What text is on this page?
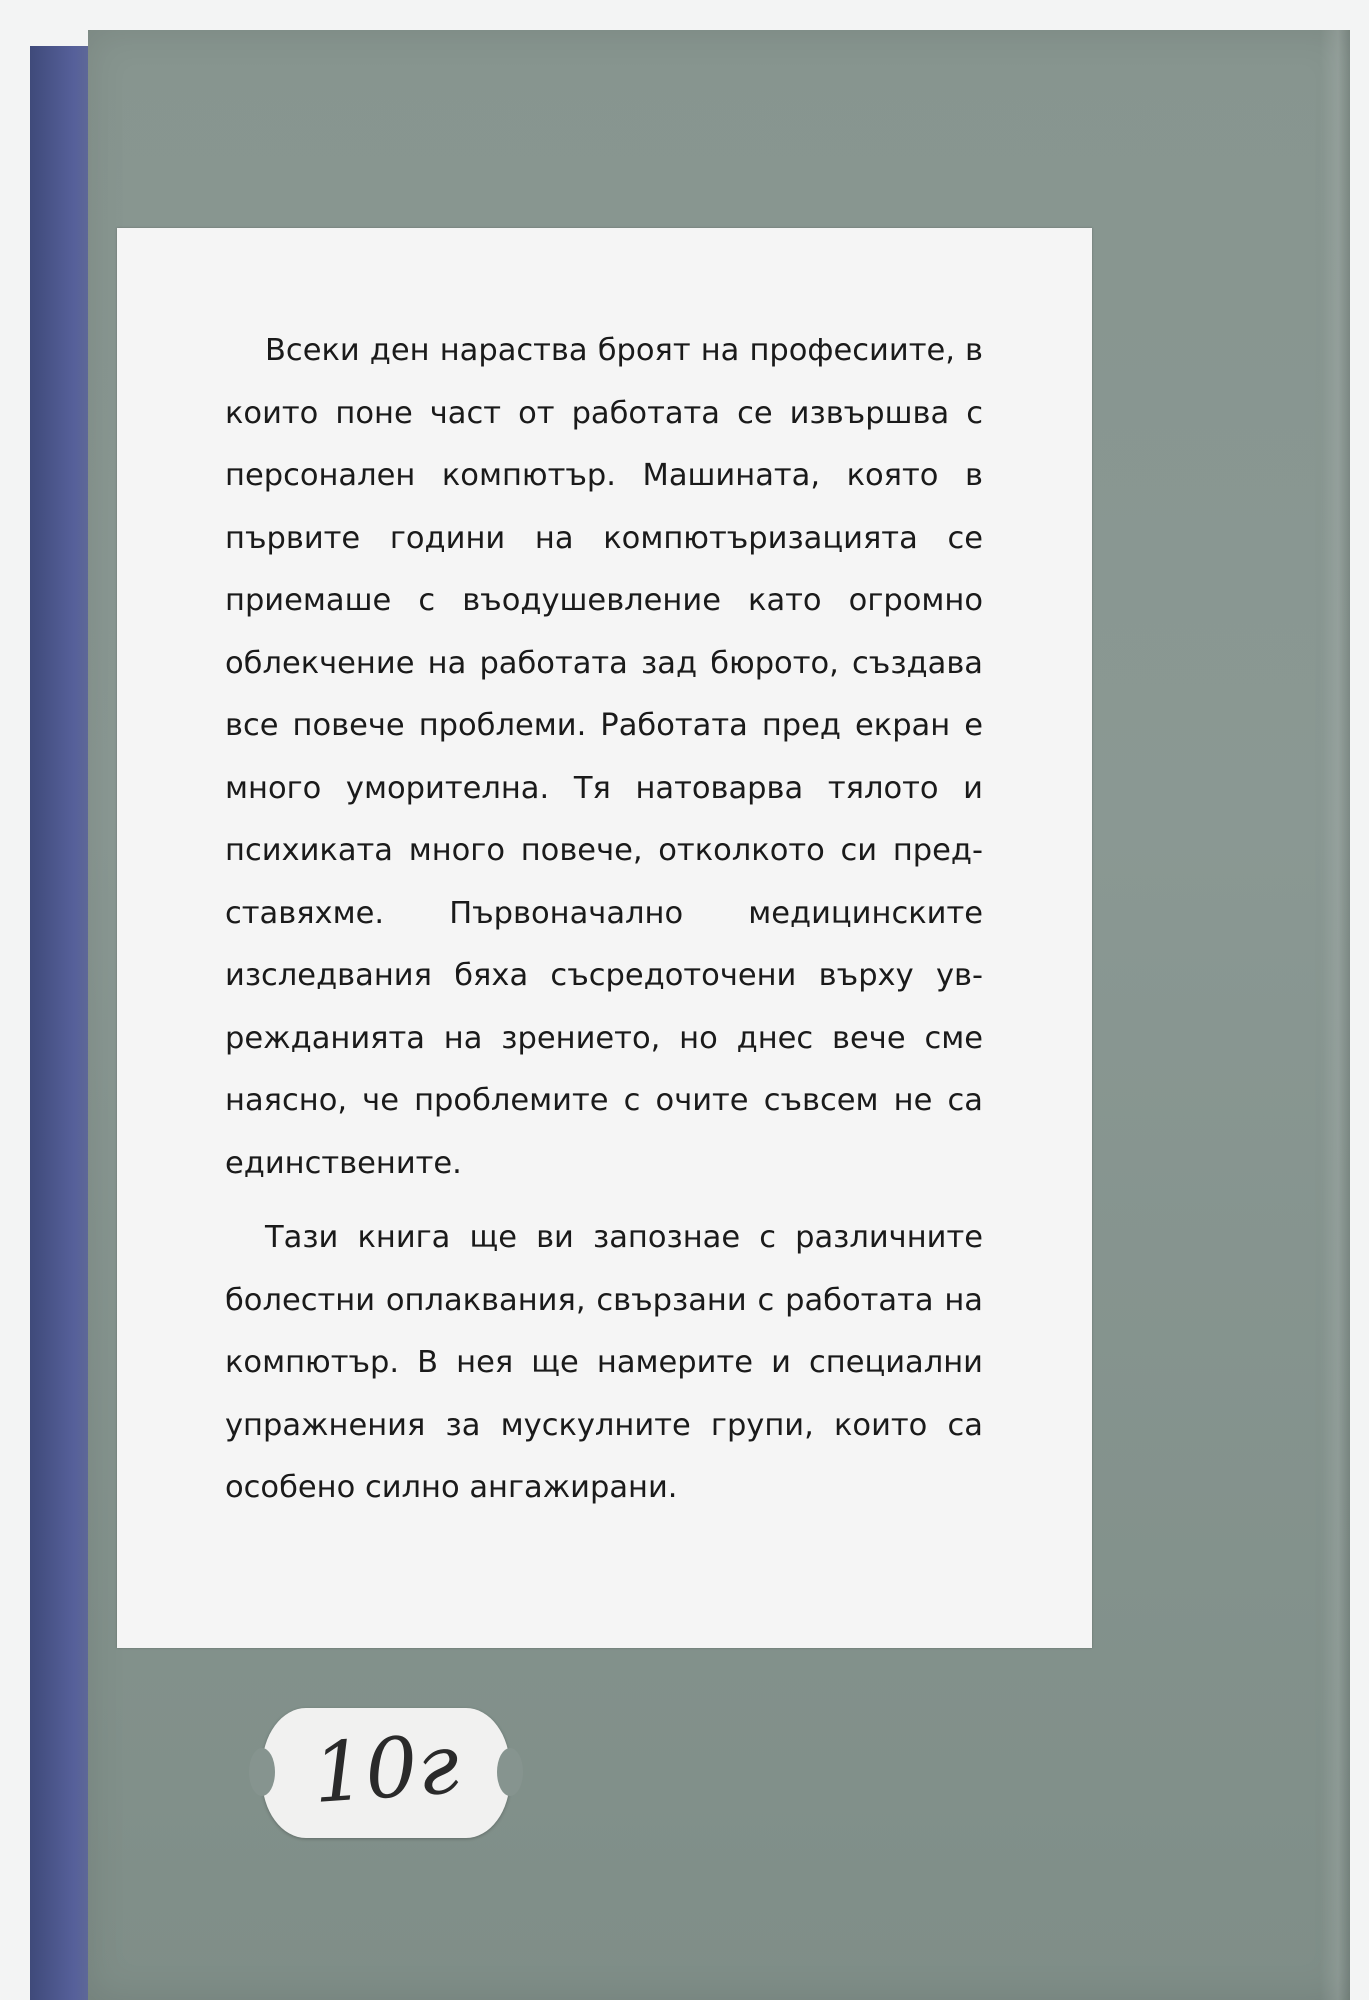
Всеки ден нараства броят на професиите, в които поне част от работата се извършва с персонален компютър. Машината, която в първите години на компютъризацията се приемаше с въодушевление като огромно облекчение на работата зад бюрото, създава все повече проблеми. Работата пред екран е много уморителна. Тя натоварва тялото и психиката много повече, отколкото си представяхме. Първоначално медицинските изследвания бяха съсредоточени върху уврежданията на зрението, но днес вече сме наясно, че проблемите с очите съвсем не са единствените.

Тази книга ще ви запознае с различните болестни оплаквания, свързани с работата на компютър. В нея ще намерите и специални упражнения за мускулните групи, които са особено силно ангажирани.

10г
